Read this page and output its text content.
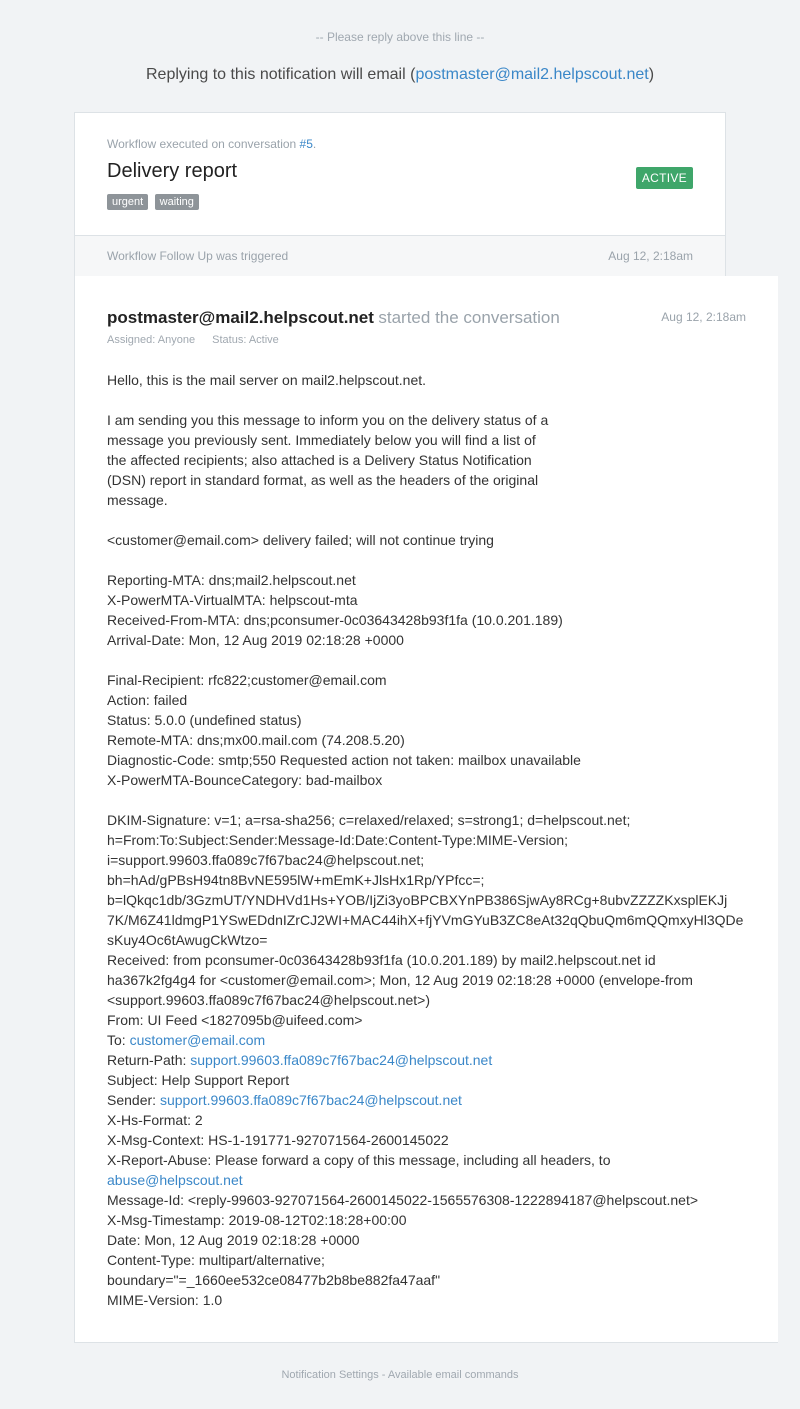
-- Please reply above this line --
Replying to this notification will email (postmaster@mail2.helpscout.net)
Workflow executed on conversation #5.
Delivery report
urgent waiting
ACTIVE
Workflow Follow Up was triggered	Aug 12, 2:18am
postmaster@mail2.helpscout.net started the conversation
Assigned: Anyone Status: Active
Aug 12, 2:18am
Hello, this is the mail server on mail2.helpscout.net.
I am sending you this message to inform you on the delivery status of a
message you previously sent. Immediately below you will find a list of
the affected recipients; also attached is a Delivery Status Notification
(DSN) report in standard format, as well as the headers of the original
message.
<customer@email.com> delivery failed; will not continue trying
Reporting-MTA: dns;mail2.helpscout.net
X-PowerMTA-VirtualMTA: helpscout-mta
Received-From-MTA: dns;pconsumer-0c03643428b93f1fa (10.0.201.189)
Arrival-Date: Mon, 12 Aug 2019 02:18:28 +0000
Final-Recipient: rfc822;customer@email.com
Action: failed
Status: 5.0.0 (undefined status)
Remote-MTA: dns;mx00.mail.com (74.208.5.20)
Diagnostic-Code: smtp;550 Requested action not taken: mailbox unavailable
X-PowerMTA-BounceCategory: bad-mailbox
DKIM-Signature: v=1; a=rsa-sha256; c=relaxed/relaxed; s=strong1; d=helpscout.net;
h=From:To:Subject:Sender:Message-Id:Date:Content-Type:MIME-Version;
i=support.99603.ffa089c7f67bac24@helpscout.net;
bh=hAd/gPBsH94tn8BvNE595lW+mEmK+JlsHx1Rp/YPfcc=;
b=lQkqc1db/3GzmUT/YNDHVd1Hs+YOB/IjZi3yoBPCBXYnPB386SjwAy8RCg+8ubvZZZZKxsplEKJj
7K/M6Z41ldmgP1YSwEDdnIZrCJ2WI+MAC44ihX+fjYVmGYuB3ZC8eAt32qQbuQm6mQQmxyHl3QDe
sKuy4Oc6tAwugCkWtzo=
Received: from pconsumer-0c03643428b93f1fa (10.0.201.189) by mail2.helpscout.net id
ha367k2fg4g4 for <customer@email.com>; Mon, 12 Aug 2019 02:18:28 +0000 (envelope-from
<support.99603.ffa089c7f67bac24@helpscout.net>)
From: UI Feed <1827095b@uifeed.com>
To: customer@email.com
Return-Path: support.99603.ffa089c7f67bac24@helpscout.net
Subject: Help Support Report
Sender: support.99603.ffa089c7f67bac24@helpscout.net
X-Hs-Format: 2
X-Msg-Context: HS-1-191771-927071564-2600145022
X-Report-Abuse: Please forward a copy of this message, including all headers, to
abuse@helpscout.net
Message-Id: <reply-99603-927071564-2600145022-1565576308-1222894187@helpscout.net>
X-Msg-Timestamp: 2019-08-12T02:18:28+00:00
Date: Mon, 12 Aug 2019 02:18:28 +0000
Content-Type: multipart/alternative;
boundary="=_1660ee532ce08477b2b8be882fa47aaf"
MIME-Version: 1.0
Notification Settings - Available email commands
